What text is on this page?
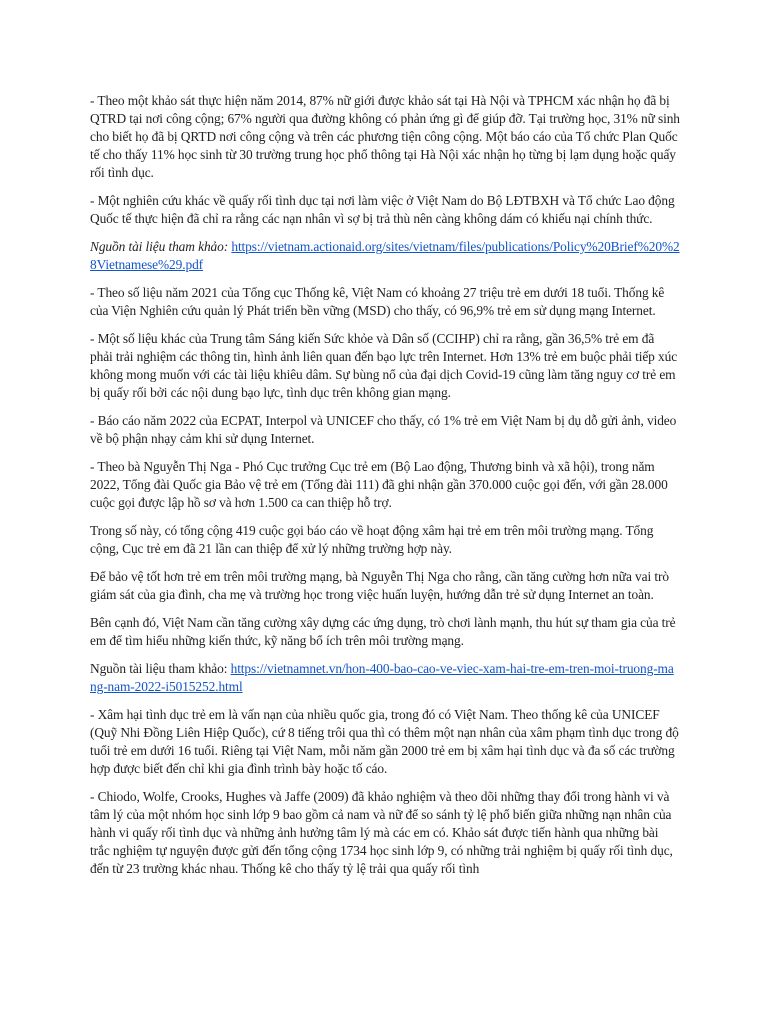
- Theo một khảo sát thực hiện năm 2014, 87% nữ giới được khảo sát tại Hà Nội và TPHCM xác nhận họ đã bị QTRD tại nơi công cộng; 67% người qua đường không có phản ứng gì để giúp đỡ. Tại trường học, 31% nữ sinh cho biết họ đã bị QRTD nơi công cộng và trên các phương tiện công cộng. Một báo cáo của Tổ chức Plan Quốc tế cho thấy 11% học sinh từ 30 trường trung học phổ thông tại Hà Nội xác nhận họ từng bị lạm dụng hoặc quấy rối tình dục.

- Một nghiên cứu khác về quấy rối tình dục tại nơi làm việc ở Việt Nam do Bộ LĐTBXH và Tổ chức Lao động Quốc tế thực hiện đã chỉ ra rằng các nạn nhân vì sợ bị trả thù nên càng không dám có khiếu nại chính thức.

Nguồn tài liệu tham khảo: https://vietnam.actionaid.org/sites/vietnam/files/publications/Policy%20Brief%20%28Vietnamese%29.pdf

- Theo số liệu năm 2021 của Tổng cục Thống kê, Việt Nam có khoảng 27 triệu trẻ em dưới 18 tuổi. Thống kê của Viện Nghiên cứu quản lý Phát triển bền vững (MSD) cho thấy, có 96,9% trẻ em sử dụng mạng Internet.

- Một số liệu khác của Trung tâm Sáng kiến Sức khỏe và Dân số (CCIHP) chỉ ra rằng, gần 36,5% trẻ em đã phải trải nghiệm các thông tin, hình ảnh liên quan đến bạo lực trên Internet. Hơn 13% trẻ em buộc phải tiếp xúc không mong muốn với các tài liệu khiêu dâm. Sự bùng nổ của đại dịch Covid-19 cũng làm tăng nguy cơ trẻ em bị quấy rối bởi các nội dung bạo lực, tình dục trên không gian mạng.

- Báo cáo năm 2022 của ECPAT, Interpol và UNICEF cho thấy, có 1% trẻ em Việt Nam bị dụ dỗ gửi ảnh, video về bộ phận nhạy cảm khi sử dụng Internet.

- Theo bà Nguyễn Thị Nga - Phó Cục trưởng Cục trẻ em (Bộ Lao động, Thương binh và xã hội), trong năm 2022, Tổng đài Quốc gia Bảo vệ trẻ em (Tổng đài 111) đã ghi nhận gần 370.000 cuộc gọi đến, với gần 28.000 cuộc gọi được lập hồ sơ và hơn 1.500 ca can thiệp hỗ trợ.

Trong số này, có tổng cộng 419 cuộc gọi báo cáo về hoạt động xâm hại trẻ em trên môi trường mạng. Tổng cộng, Cục trẻ em đã 21 lần can thiệp để xử lý những trường hợp này.

Để bảo vệ tốt hơn trẻ em trên môi trường mạng, bà Nguyễn Thị Nga cho rằng, cần tăng cường hơn nữa vai trò giám sát của gia đình, cha mẹ và trường học trong việc huấn luyện, hướng dẫn trẻ sử dụng Internet an toàn.

Bên cạnh đó, Việt Nam cần tăng cường xây dựng các ứng dụng, trò chơi lành mạnh, thu hút sự tham gia của trẻ em để tìm hiểu những kiến thức, kỹ năng bổ ích trên môi trường mạng.

Nguồn tài liệu tham khảo: https://vietnamnet.vn/hon-400-bao-cao-ve-viec-xam-hai-tre-em-tren-moi-truong-mang-nam-2022-i5015252.html

- Xâm hại tình dục trẻ em là vấn nạn của nhiều quốc gia, trong đó có Việt Nam. Theo thống kê của UNICEF (Quỹ Nhi Đồng Liên Hiệp Quốc), cứ 8 tiếng trôi qua thì có thêm một nạn nhân của xâm phạm tình dục trong độ tuổi trẻ em dưới 16 tuổi. Riêng tại Việt Nam, mỗi năm gần 2000 trẻ em bị xâm hại tình dục và đa số các trường hợp được biết đến chỉ khi gia đình trình bày hoặc tố cáo.

- Chiodo, Wolfe, Crooks, Hughes và Jaffe (2009) đã khảo nghiệm và theo dõi những thay đổi trong hành vi và tâm lý của một nhóm học sinh lớp 9 bao gồm cả nam và nữ để so sánh tỷ lệ phổ biến giữa những nạn nhân của hành vi quấy rối tình dục và những ảnh hưởng tâm lý mà các em có. Khảo sát được tiến hành qua những bài trắc nghiệm tự nguyện được gửi đến tổng cộng 1734 học sinh lớp 9, có những trải nghiệm bị quấy rối tình dục, đến từ 23 trường khác nhau. Thống kê cho thấy tỷ lệ trải qua quấy rối tình
